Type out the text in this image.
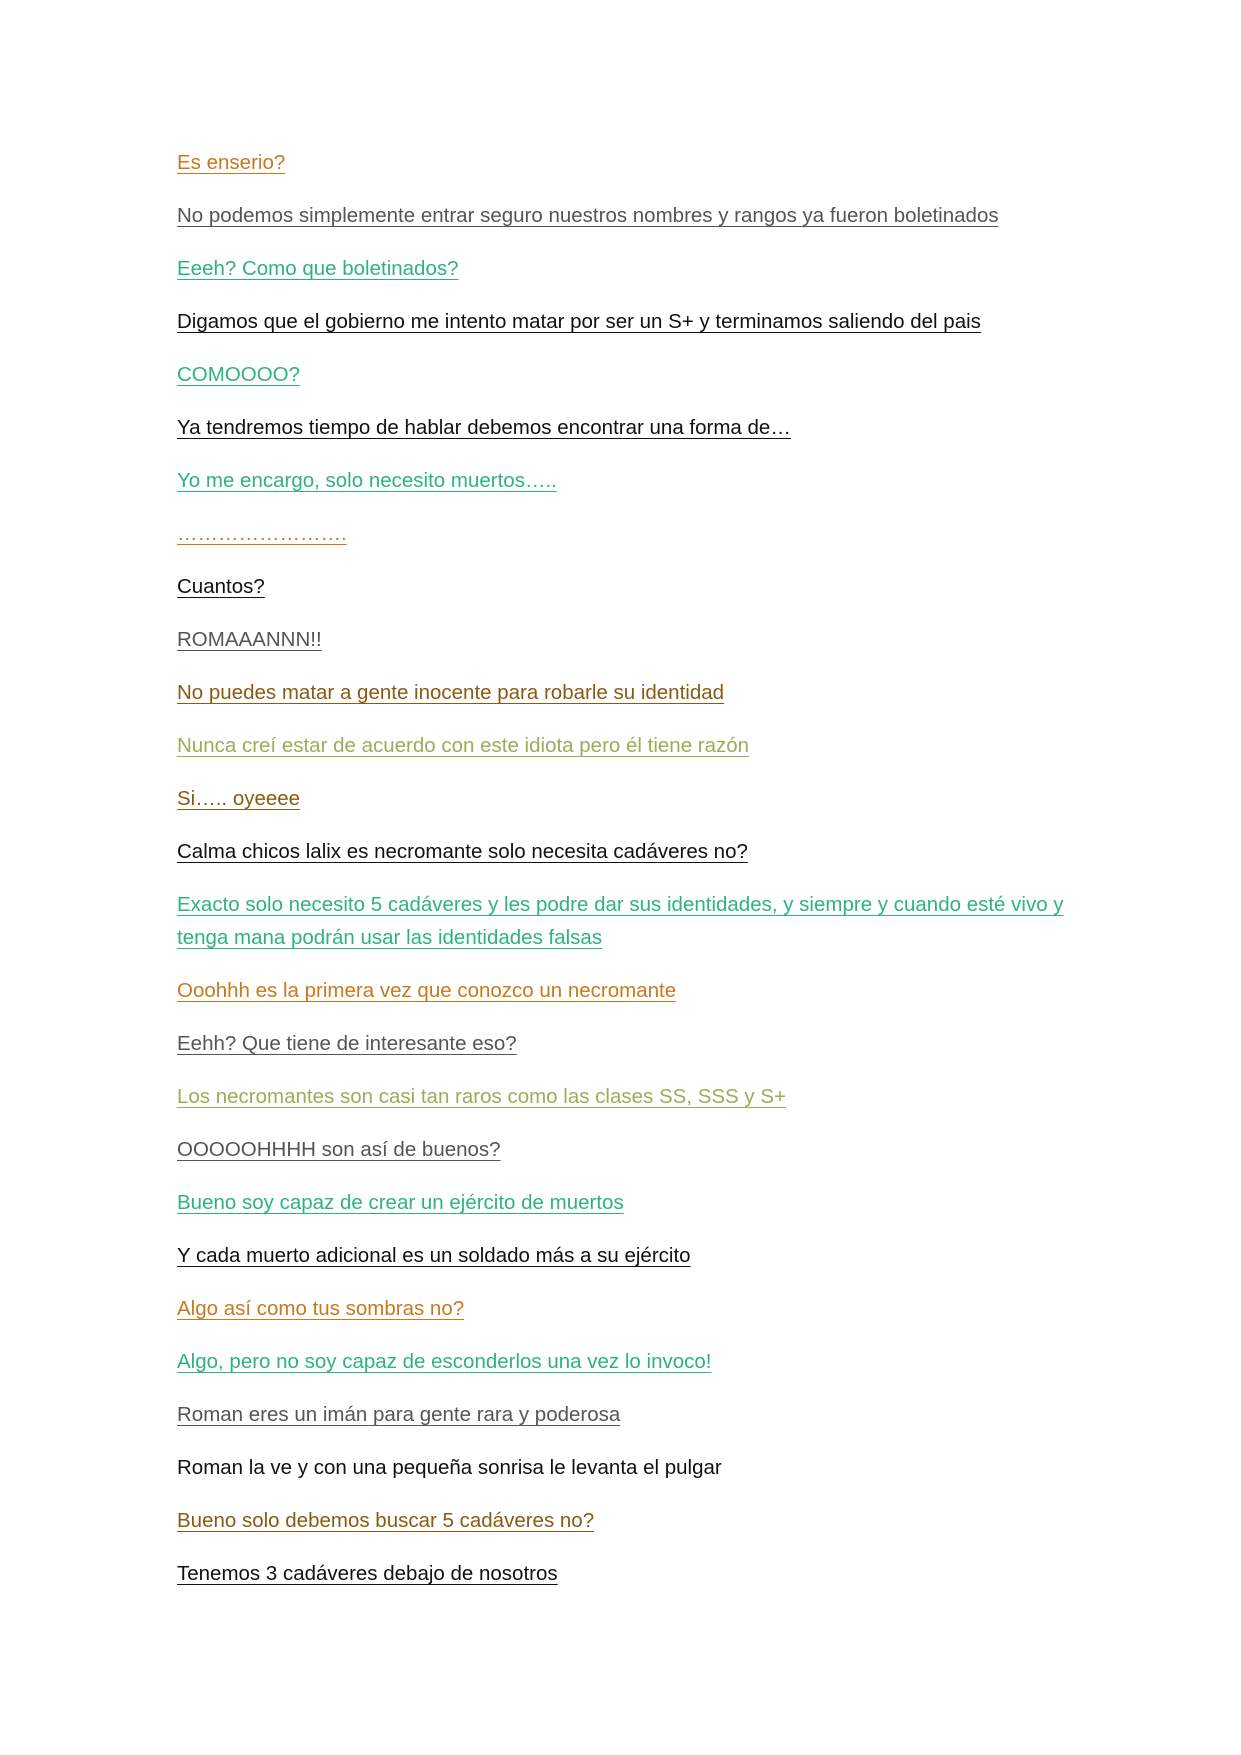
Es enserio?

No podemos simplemente entrar seguro nuestros nombres y rangos ya fueron boletinados

Eeeh? Como que boletinados?

Digamos que el gobierno me intento matar por ser un S+ y terminamos saliendo del pais

COMOOOO?

Ya tendremos tiempo de hablar debemos encontrar una forma de…

Yo me encargo, solo necesito muertos…..

…………………….

Cuantos?

ROMAAANNN!!

No puedes matar a gente inocente para robarle su identidad

Nunca creí estar de acuerdo con este idiota pero él tiene razón

Si….. oyeeee

Calma chicos lalix es necromante solo necesita cadáveres no?

Exacto solo necesito 5 cadáveres y les podre dar sus identidades, y siempre y cuando esté vivo y tenga mana podrán usar las identidades falsas

Ooohhh es la primera vez que conozco un necromante

Eehh? Que tiene de interesante eso?

Los necromantes son casi tan raros como las clases SS, SSS y S+

OOOOOHHHH son así de buenos?

Bueno soy capaz de crear un ejército de muertos

Y cada muerto adicional es un soldado más a su ejército

Algo así como tus sombras no?

Algo, pero no soy capaz de esconderlos una vez lo invoco!

Roman eres un imán para gente rara y poderosa

Roman la ve y con una pequeña sonrisa le levanta el pulgar

Bueno solo debemos buscar 5 cadáveres no?

Tenemos 3 cadáveres debajo de nosotros
